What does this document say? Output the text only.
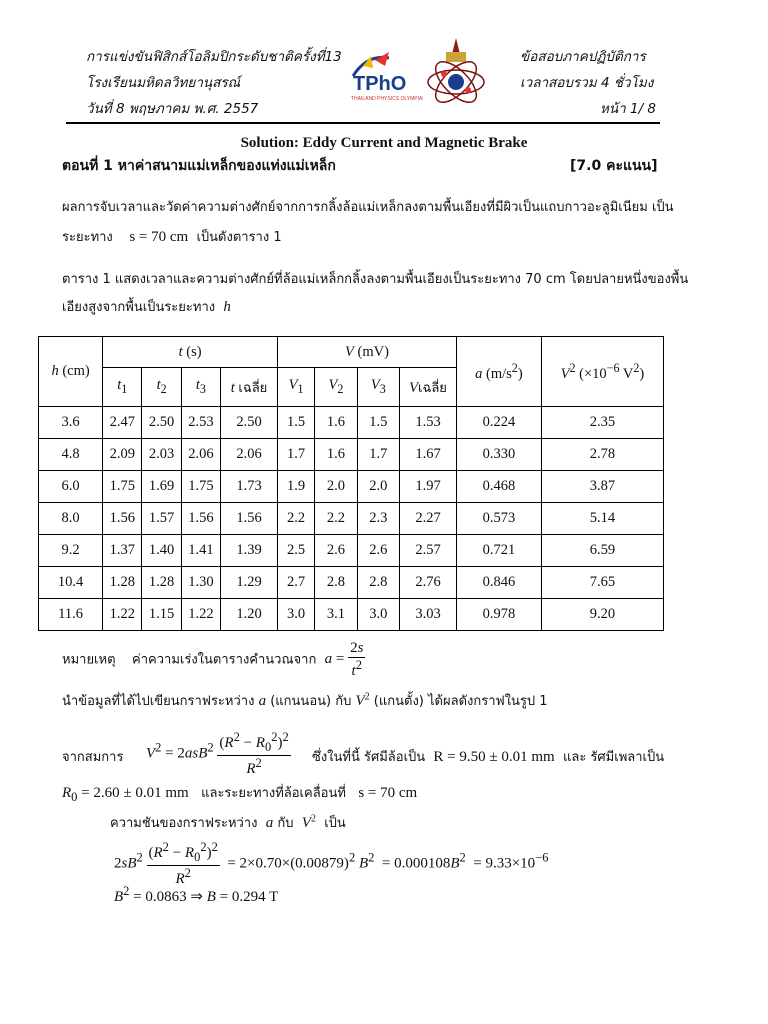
การแข่งขันฟิสิกส์โอลิมปิกระดับชาติครั้งที่13
โรงเรียนมหิดลวิทยานุสรณ์
วันที่ 8 พฤษภาคม พ.ศ. 2557
ข้อสอบภาคปฏิบัติการ
เวลาสอบรวม 4 ชั่วโมง
หน้า 1/ 8
TPhO
THAILAND PHYSICS OLYMPIAD
Solution: Eddy Current and Magnetic Brake
ตอนที่ 1 หาค่าสนามแม่เหล็กของแท่งแม่เหล็ก	[7.0 คะแนน]
ผลการจับเวลาและวัดค่าความต่างศักย์จากการกลิ้งล้อแม่เหล็กลงตามพื้นเอียงที่มีผิวเป็นแถบกาวอะลูมิเนียม เป็น
ระยะทาง s = 70 cm เป็นดังตาราง 1
ตาราง 1 แสดงเวลาและความต่างศักย์ที่ล้อแม่เหล็กกลิ้งลงตามพื้นเอียงเป็นระยะทาง 70 cm โดยปลายหนึ่งของพื้น
เอียงสูงจากพื้นเป็นระยะทาง h
h (cm)	t (s)				V (mV)				a $(m/s^2)$	$V^2$ ($\times 10^{-6}$ $V^2$)
	$t_1$	$t_2$	$t_3$	t เฉลี่ย	$V_1$	$V_2$	$V_3$	Vเฉลี่ย		
3.6	2.47	2.50	2.53	2.50	1.5	1.6	1.5	1.53	0.224	2.35
4.8	2.09	2.03	2.06	2.06	1.7	1.6	1.7	1.67	0.330	2.78
6.0	1.75	1.69	1.75	1.73	1.9	2.0	2.0	1.97	0.468	3.87
8.0	1.56	1.57	1.56	1.56	2.2	2.2	2.3	2.27	0.573	5.14
9.2	1.37	1.40	1.41	1.39	2.5	2.6	2.6	2.57	0.721	6.59
10.4	1.28	1.28	1.30	1.29	2.7	2.8	2.8	2.76	0.846	7.65
11.6	1.22	1.15	1.22	1.20	3.0	3.1	3.0	3.03	0.978	9.20
หมายเหตุ ค่าความเร่งในตารางคำนวณจาก $a = \frac{2s}{t^2}$
นำข้อมูลที่ได้ไปเขียนกราฟระหว่าง a (แกนนอน) กับ $V^2$ (แกนตั้ง) ได้ผลดังกราฟในรูป 1
จากสมการ $V^2 = 2asB^2 \frac{(R^2 - R_0^2)^2}{R^2}$ ซึ่งในที่นี้ รัศมีล้อเป็น R = 9.50 ± 0.01 mm และ รัศมีเพลาเป็น
$R_0 = 2.60 \pm 0.01$ mm และระยะทางที่ล้อเคลื่อนที่ s = 70 cm
ความชันของกราฟระหว่าง a กับ $V^2$ เป็น
$2sB^2 \frac{(R^2 - R_0^2)^2}{R^2} = 2\times 0.70\times(0.00879)^2$ $B^2 = 0.000108B^2 = 9.33\times 10^{-6}$
$B^2 = 0.0863$ ⇒ B = 0.294 T
